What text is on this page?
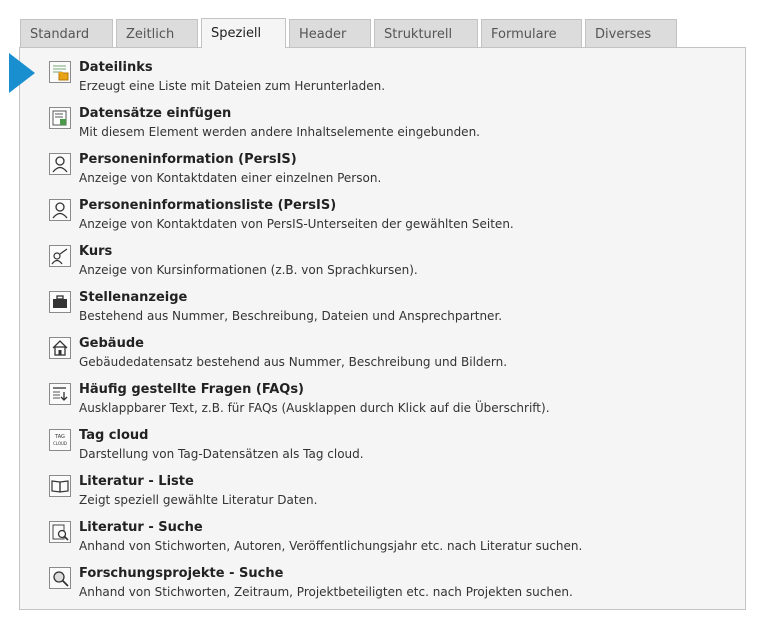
Standard	Zeitlich	Speziell	Header	Strukturell	Formulare	Diverses
Dateilinks
Erzeugt eine Liste mit Dateien zum Herunterladen.
Datensätze einfügen
Mit diesem Element werden andere Inhaltselemente eingebunden.
Personeninformation (PersIS)
Anzeige von Kontaktdaten einer einzelnen Person.
Personeninformationsliste (PersIS)
Anzeige von Kontaktdaten von PersIS-Unterseiten der gewählten Seiten.
Kurs
Anzeige von Kursinformationen (z.B. von Sprachkursen).
Stellenanzeige
Bestehend aus Nummer, Beschreibung, Dateien und Ansprechpartner.
Gebäude
Gebäudedatensatz bestehend aus Nummer, Beschreibung und Bildern.
Häufig gestellte Fragen (FAQs)
Ausklappbarer Text, z.B. für FAQs (Ausklappen durch Klick auf die Überschrift).
TAG
CLOUD
Tag cloud
Darstellung von Tag-Datensätzen als Tag cloud.
Literatur - Liste
Zeigt speziell gewählte Literatur Daten.
Literatur - Suche
Anhand von Stichworten, Autoren, Veröffentlichungsjahr etc. nach Literatur suchen.
Forschungsprojekte - Suche
Anhand von Stichworten, Zeitraum, Projektbeteiligten etc. nach Projekten suchen.
